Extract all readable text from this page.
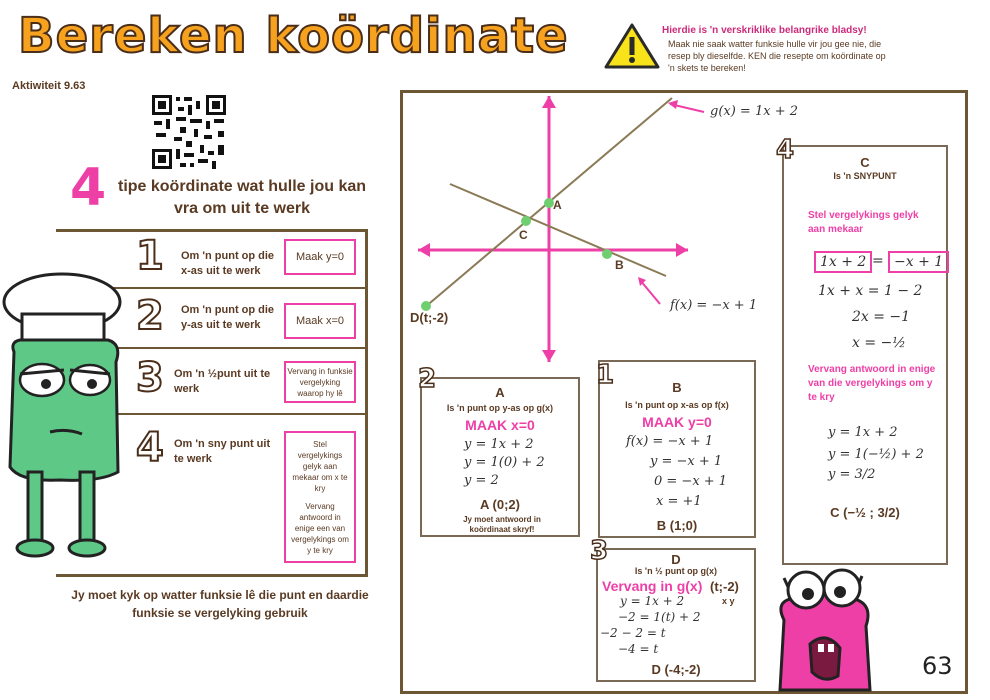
Bereken koördinate
Aktiwiteit 9.63
Hierdie is 'n verskriklike belangrike bladsy!
Maak nie saak watter funksie hulle vir jou gee nie, die resep bly dieselfde. KEN die resepte om koördinate op 'n skets te bereken!
4 tipe koördinate wat hulle jou kan vra om uit te werk
1 Om 'n punt op die x-as uit te werk
Maak y=0
2 Om 'n punt op die y-as uit te werk	Maak x=0
3 Om 'n ½punt uit te werk
Vervang in funksie vergelyking waarop hy lê
4 Om 'n sny punt uit te werk
Stel vergelykings gelyk aan mekaar om x te kry
Vervang antwoord in enige een van vergelykings om y te kry
Jy moet kyk op watter funksie lê die punt en daardie funksie se vergelyking gebruik
A
C
B
D(t;-2)
g(x) = 1x + 2
f(x) = −x + 1
A
Is 'n punt op y-as op g(x)
MAAK x=0
y = 1x + 2
y = 1(0) + 2
y = 2
A (0;2)
Jy moet antwoord in koördinaat skryf!
2	B
Is 'n punt op x-as op f(x)
MAAK y=0
f(x) = −x + 1
y = −x + 1
0 = −x + 1
x = +1
B (1;0)
1
C
Is 'n SNYPUNT
Stel vergelykings gelyk aan mekaar
1x + 2 = −x + 1
1x + x = 1 − 2
2x = −1
x = −½
Vervang antwoord in enige van die vergelykings om y te kry
y = 1x + 2
y = 1(−½) + 2
y = 3/2
C (−½ ; 3/2)
4
D
Is 'n ½ punt op g(x)
Vervang in g(x) (t;-2)
x y
y = 1x + 2
−2 = 1(t) + 2
−2 − 2 = t
−4 = t
D (-4;-2)
3
63
